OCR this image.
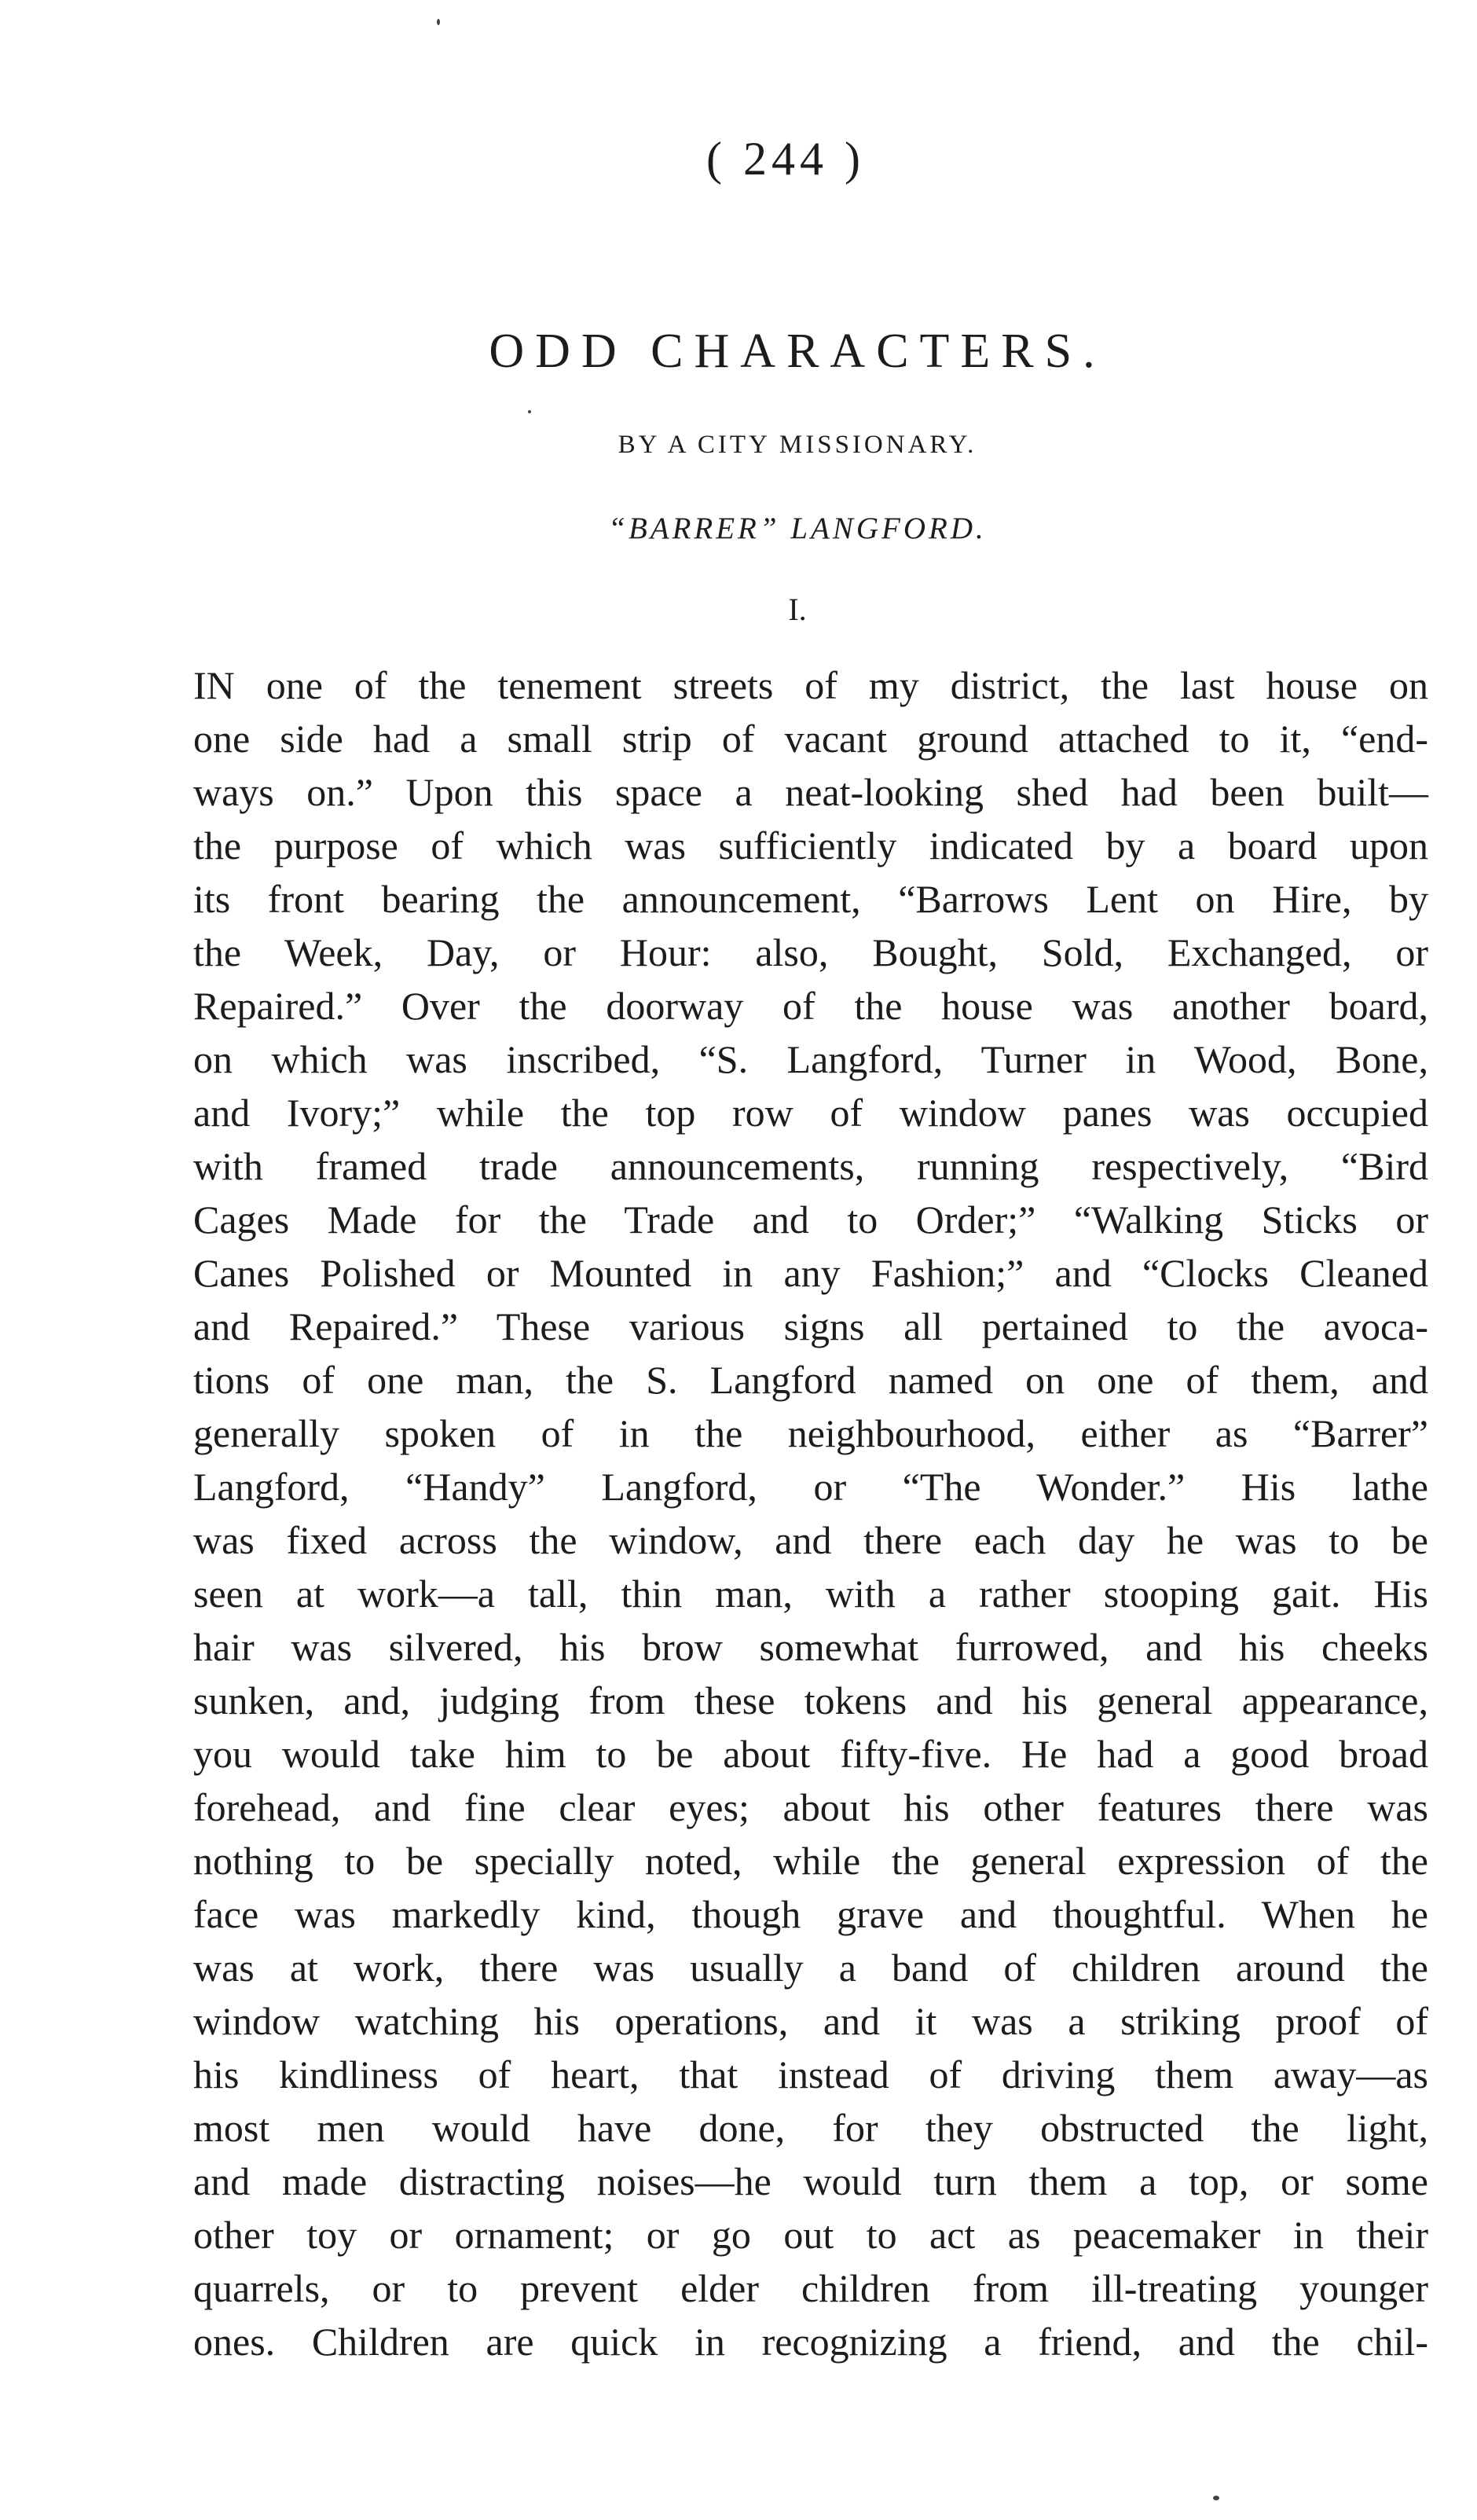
( 244 )
ODD CHARACTERS.
BY A CITY MISSIONARY.
“BARRER” LANGFORD.
I.
IN one of the tenement streets of my district, the last house on
one side had a small strip of vacant ground attached to it, “end-
ways on.” Upon this space a neat-looking shed had been built—
the purpose of which was sufficiently indicated by a board upon
its front bearing the announcement, “Barrows Lent on Hire, by
the Week, Day, or Hour: also, Bought, Sold, Exchanged, or
Repaired.” Over the doorway of the house was another board,
on which was inscribed, “S. Langford, Turner in Wood, Bone,
and Ivory;” while the top row of window panes was occupied
with framed trade announcements, running respectively, “Bird
Cages Made for the Trade and to Order;” “Walking Sticks or
Canes Polished or Mounted in any Fashion;” and “Clocks Cleaned
and Repaired.” These various signs all pertained to the avoca-
tions of one man, the S. Langford named on one of them, and
generally spoken of in the neighbourhood, either as “Barrer”
Langford, “Handy” Langford, or “The Wonder.” His lathe
was fixed across the window, and there each day he was to be
seen at work—a tall, thin man, with a rather stooping gait. His
hair was silvered, his brow somewhat furrowed, and his cheeks
sunken, and, judging from these tokens and his general appearance,
you would take him to be about fifty-five. He had a good broad
forehead, and fine clear eyes; about his other features there was
nothing to be specially noted, while the general expression of the
face was markedly kind, though grave and thoughtful. When he
was at work, there was usually a band of children around the
window watching his operations, and it was a striking proof of
his kindliness of heart, that instead of driving them away—as
most men would have done, for they obstructed the light,
and made distracting noises—he would turn them a top, or some
other toy or ornament; or go out to act as peacemaker in their
quarrels, or to prevent elder children from ill-treating younger
ones. Children are quick in recognizing a friend, and the chil-
